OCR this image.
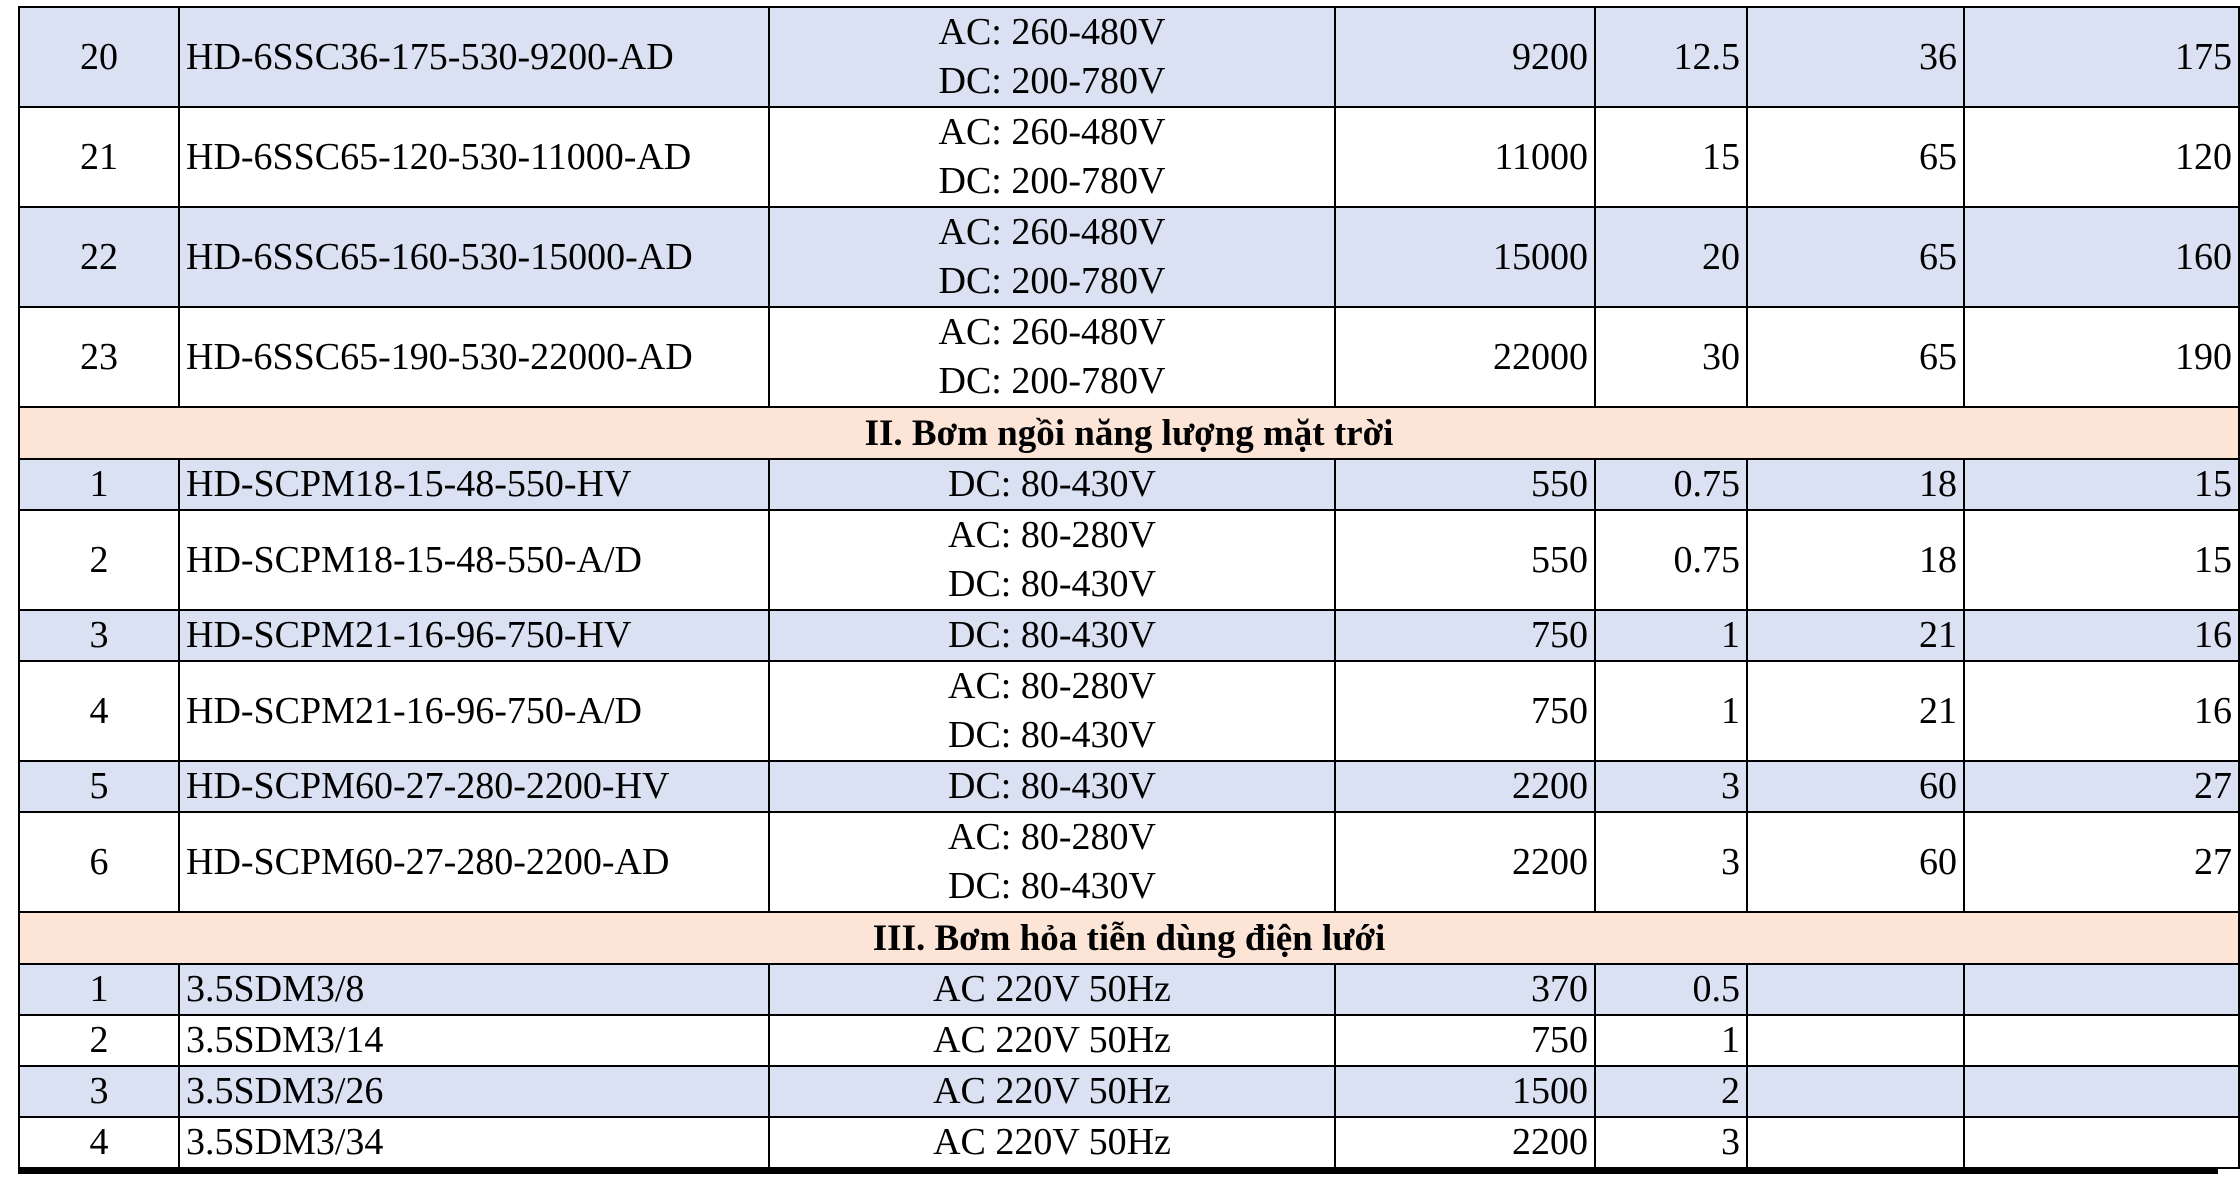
20	HD-6SSC36-175-530-9200-AD	AC: 260-480V
DC: 200-780V	9200	12.5	36	175
21	HD-6SSC65-120-530-11000-AD	AC: 260-480V
DC: 200-780V	11000	15	65	120
22	HD-6SSC65-160-530-15000-AD	AC: 260-480V
DC: 200-780V	15000	20	65	160
23	HD-6SSC65-190-530-22000-AD	AC: 260-480V
DC: 200-780V	22000	30	65	190
II. Bơm ngồi năng lượng mặt trời						
1	HD-SCPM18-15-48-550-HV	DC: 80-430V	550	0.75	18	15
2	HD-SCPM18-15-48-550-A/D	AC: 80-280V
DC: 80-430V	550	0.75	18	15
3	HD-SCPM21-16-96-750-HV	DC: 80-430V	750	1	21	16
4	HD-SCPM21-16-96-750-A/D	AC: 80-280V
DC: 80-430V	750	1	21	16
5	HD-SCPM60-27-280-2200-HV	DC: 80-430V	2200	3	60	27
6	HD-SCPM60-27-280-2200-AD	AC: 80-280V
DC: 80-430V	2200	3	60	27
III. Bơm hỏa tiễn dùng điện lưới						
1	3.5SDM3/8	AC 220V 50Hz	370	0.5		
2	3.5SDM3/14	AC 220V 50Hz	750	1		
3	3.5SDM3/26	AC 220V 50Hz	1500	2		
4	3.5SDM3/34	AC 220V 50Hz	2200	3		
